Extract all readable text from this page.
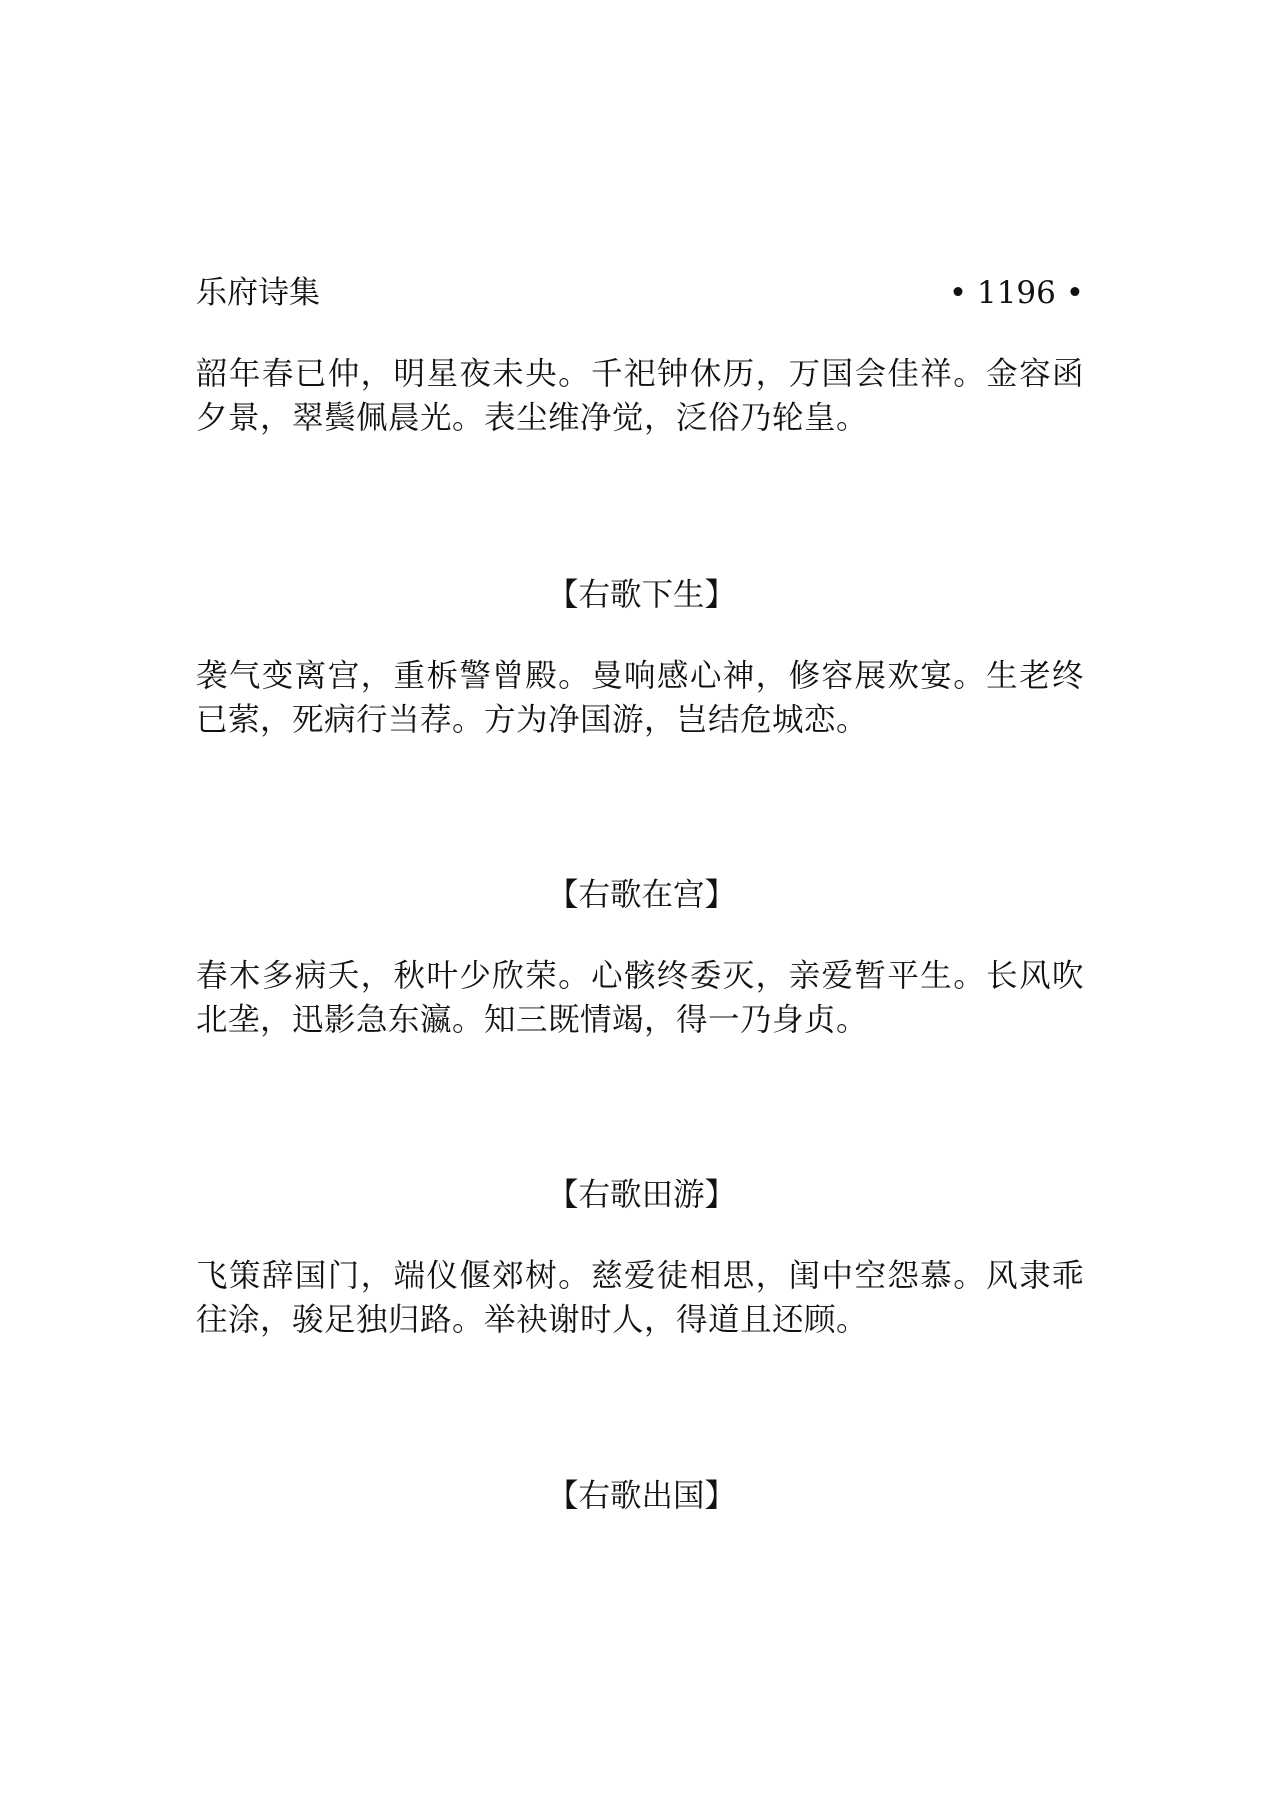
乐府诗集	• 1196 •
韶年春已仲，明星夜未央。千祀钟休历，万国会佳祥。金容函夕景，翠鬓佩晨光。表尘维净觉，泛俗乃轮皇。
【右歌下生】
袭气变离宫，重柝警曾殿。曼响感心神，修容展欢宴。生老终已萦，死病行当荐。方为净国游，岂结危城恋。
【右歌在宫】
春木多病夭，秋叶少欣荣。心骸终委灭，亲爱暂平生。长风吹北垄，迅影急东瀛。知三既情竭，得一乃身贞。
【右歌田游】
飞策辞国门，端仪偃郊树。慈爱徒相思，闺中空怨慕。风隶乖往涂，骏足独归路。举袂谢时人，得道且还顾。
【右歌出国】
